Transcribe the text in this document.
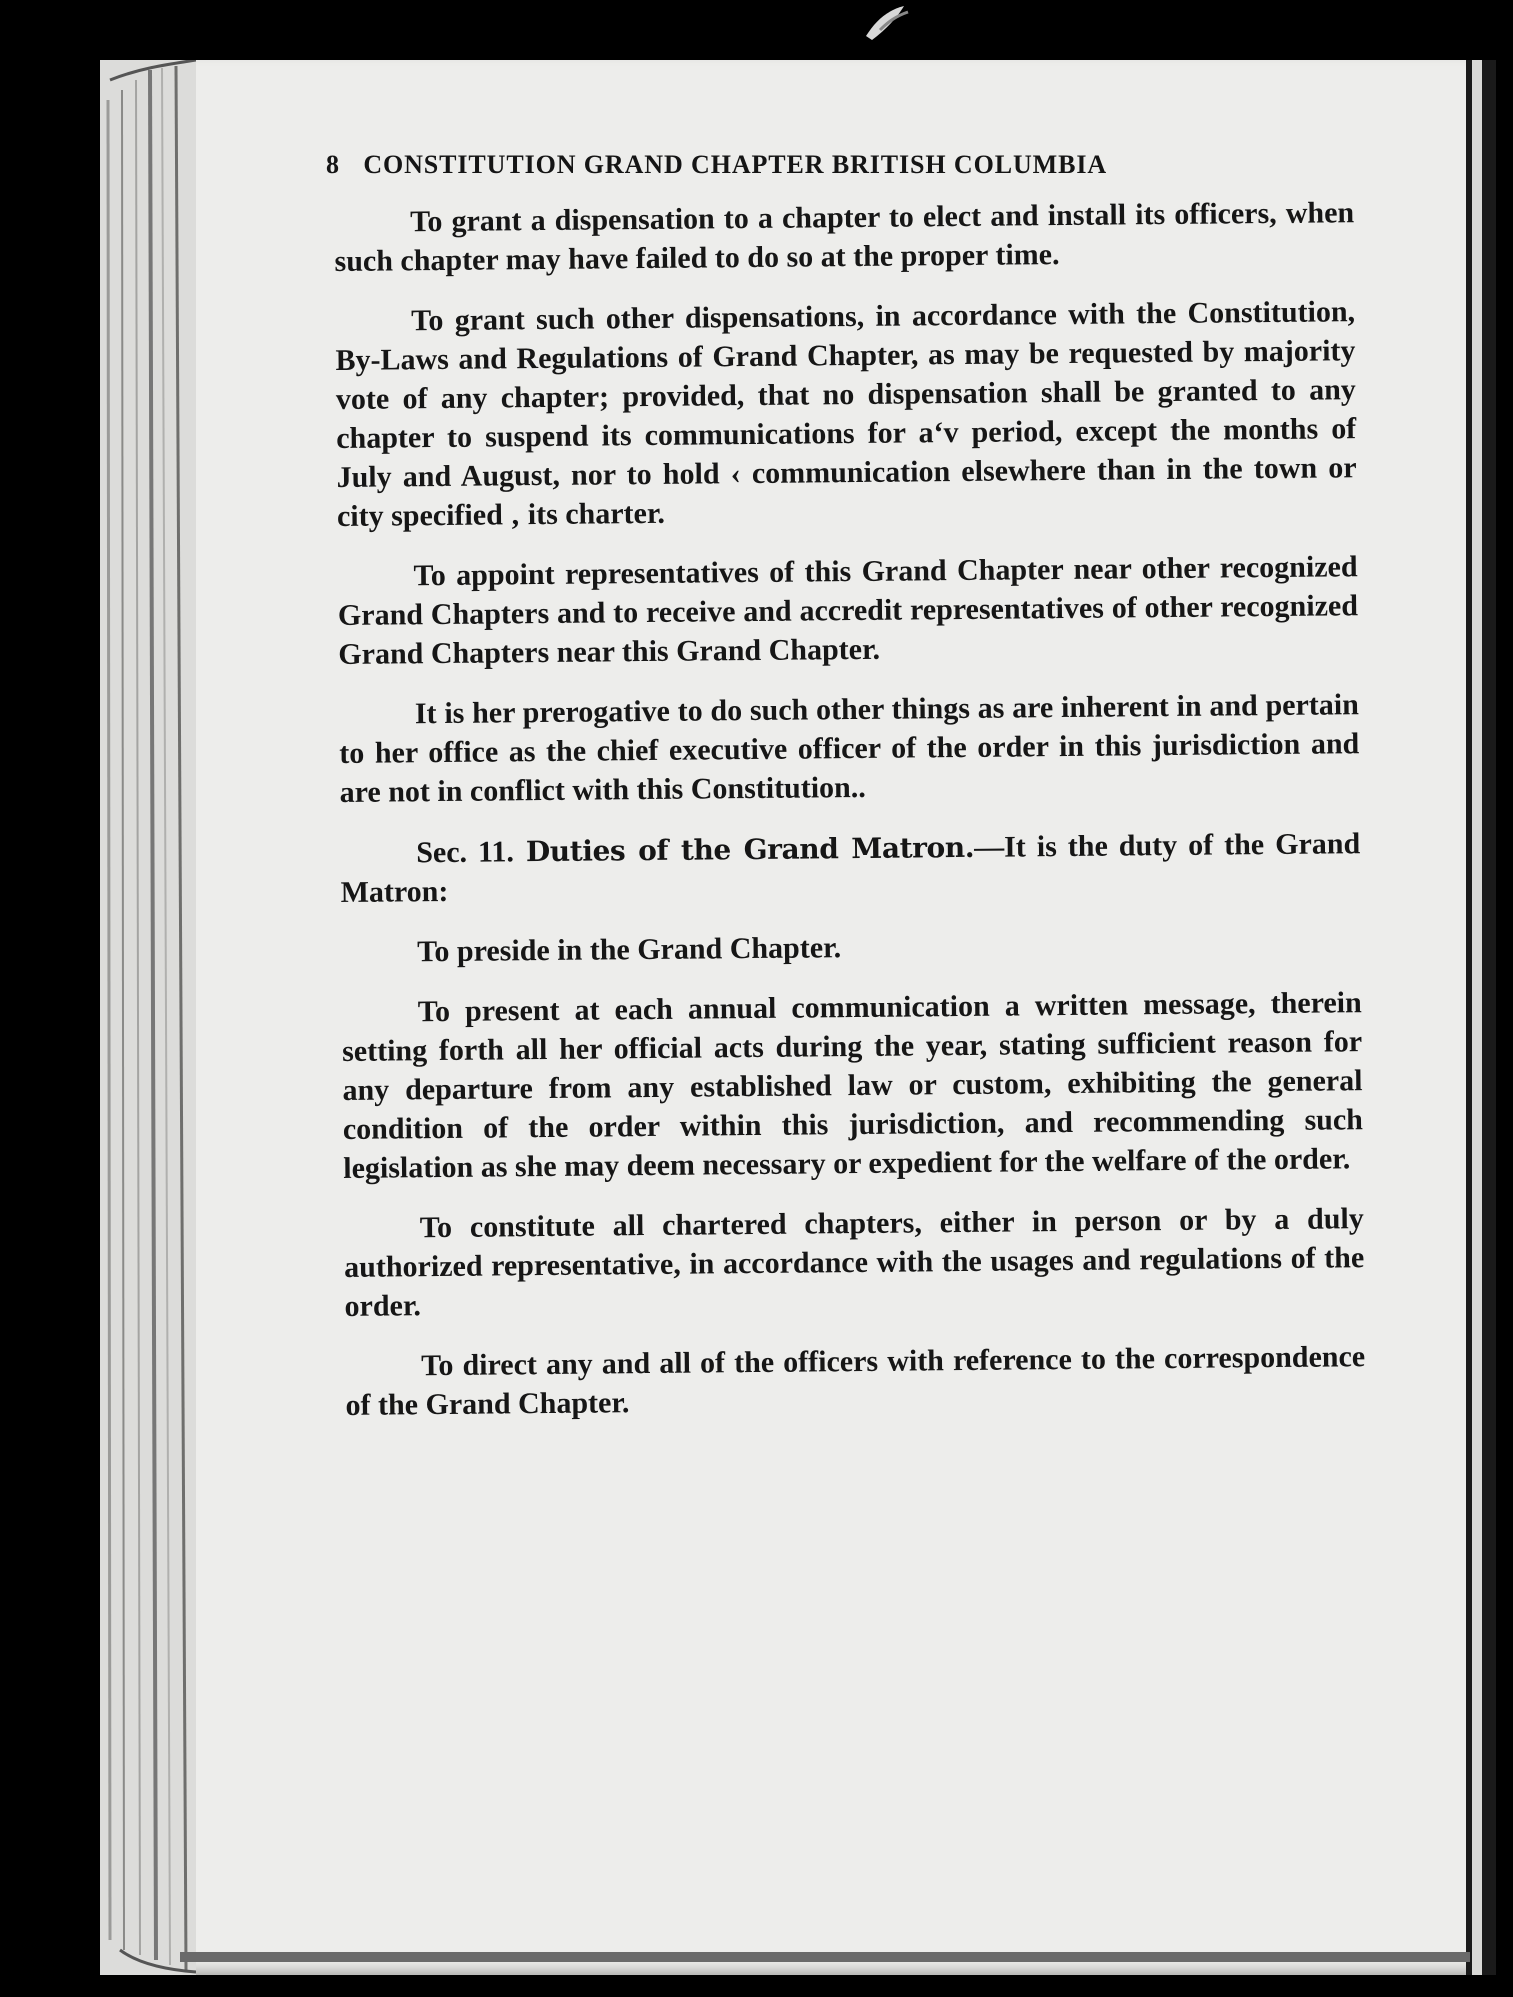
8 CONSTITUTION GRAND CHAPTER BRITISH COLUMBIA

To grant a dispensation to a chapter to elect and install its officers, when such chapter may have failed to do so at the proper time.

To grant such other dispensations, in accordance with the Constitution, By-Laws and Regulations of Grand Chapter, as may be requested by majority vote of any chapter; provided, that no dispensation shall be granted to any chapter to suspend its communications for aʻv period, except the months of July and August, nor to hold ‹ communication elsewhere than in the town or city specified ‚ its charter.

To appoint representatives of this Grand Chapter near other recognized Grand Chapters and to receive and accredit representatives of other recognized Grand Chapters near this Grand Chapter.

It is her prerogative to do such other things as are inherent in and pertain to her office as the chief executive officer of the order in this jurisdiction and are not in conflict with this Constitution..

Sec. 11. Duties of the Grand Matron.—It is the duty of the Grand Matron:

To preside in the Grand Chapter.

To present at each annual communication a written message, therein setting forth all her official acts during the year, stating sufficient reason for any departure from any established law or custom, exhibiting the general condition of the order within this jurisdiction, and recommending such legislation as she may deem necessary or expedient for the welfare of the order.

To constitute all chartered chapters, either in person or by a duly authorized representative, in accordance with the usages and regulations of the order.

To direct any and all of the officers with reference to the correspondence of the Grand Chapter.
